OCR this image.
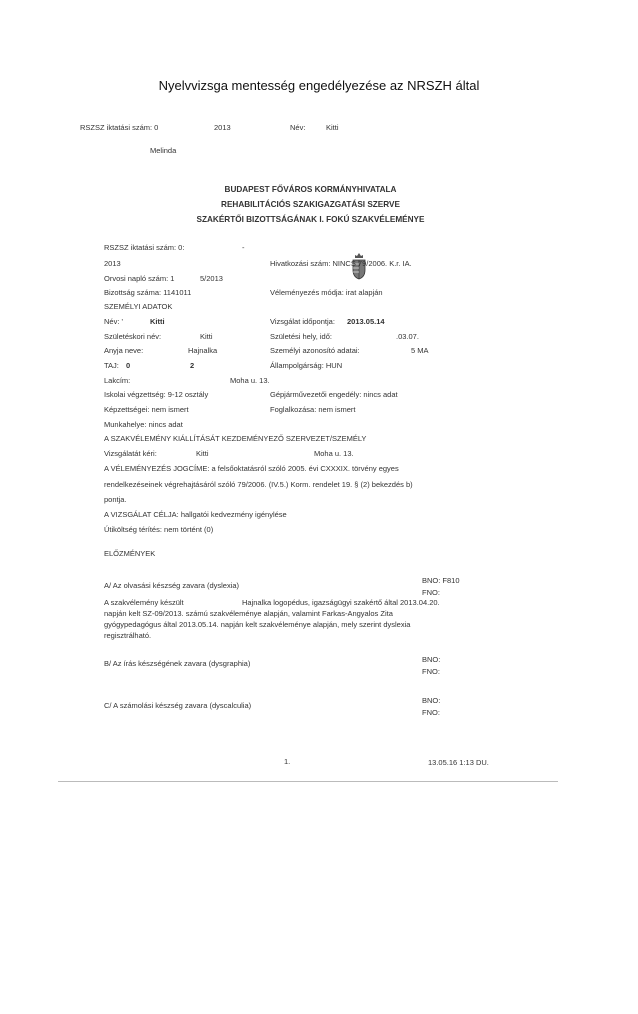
Nyelvvizsga mentesség engedélyezése az NRSZH által
RSZSZ iktatási szám: 0	2013	Név:	Kitti
Melinda
BUDAPEST FŐVÁROS KORMÁNYHIVATALA
REHABILITÁCIÓS SZAKIGAZGATÁSI SZERVE
SZAKÉRTŐI BIZOTTSÁGÁNAK I. FOKÚ SZAKVÉLEMÉNYE
RSZSZ iktatási szám: 0:	-
2013	Hivatkozási szám: NINCS 79/2006. K.r. IA.
Orvosi napló szám: 1	5/2013
Bizottság száma: 1141011	Véleményezés módja: irat alapján
SZEMÉLYI ADATOK
Név: '	Kitti	Vizsgálat időpontja: 2013.05.14
Születéskori név:	Kitti	Születési hely, idő:	.03.07.
Anyja neve:	Hajnalka	Személyi azonosító adatai:	5 MA
TAJ: 0	2	Állampolgárság: HUN
Lakcím:	Moha u. 13.
Iskolai végzettség: 9-12 osztály	Gépjárművezetői engedély: nincs adat
Képzettségei: nem ismert	Foglalkozása: nem ismert
Munkahelye: nincs adat
A SZAKVÉLEMÉNY KIÁLLÍTÁSÁT KEZDEMÉNYEZŐ SZERVEZET/SZEMÉLY
Vizsgálatát kéri:	Kitti	Moha u. 13.
A VÉLEMÉNYEZÉS JOGCÍME: a felsőoktatásról szóló 2005. évi CXXXIX. törvény egyes
rendelkezéseinek végrehajtásáról szóló 79/2006. (IV.5.) Korm. rendelet 19. § (2) bekezdés b)
pontja.
A VIZSGÁLAT CÉLJA: hallgatói kedvezmény igénylése
Útiköltség térítés: nem történt (0)
ELŐZMÉNYEK
A/ Az olvasási készség zavara (dyslexia)
BNO: F810
FNO:
A szakvélemény készült	Hajnalka logopédus, igazságügyi szakértő által 2013.04.20.
napján kelt SZ-09/2013. számú szakvéleménye alapján, valamint Farkas-Angyalos Zita
gyógypedagógus által 2013.05.14. napján kelt szakvéleménye alapján, mely szerint dyslexia
regisztrálható.
B/ Az írás készségének zavara (dysgraphia)	BNO:
FNO:
C/ A számolási készség zavara (dyscalculia)
BNO:
FNO:
1.	13.05.16 1:13 DU.
